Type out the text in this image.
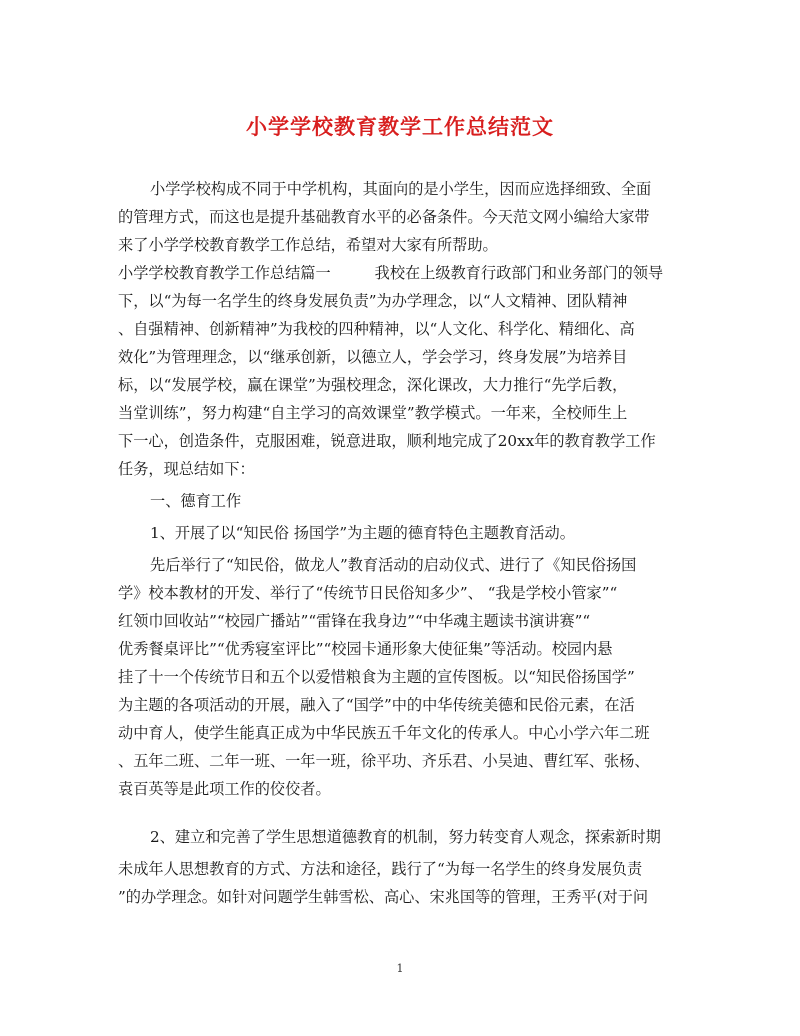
小学学校教育教学工作总结范文
小学学校构成不同于中学机构，其面向的是小学生，因而应选择细致、全面
的管理方式，而这也是提升基础教育水平的必备条件。今天范文网小编给大家带
来了小学学校教育教学工作总结，希望对大家有所帮助。
小学学校教育教学工作总结篇一	我校在上级教育行政部门和业务部门的领导
下，以“为每一名学生的终身发展负责”为办学理念，以“人文精神、团队精神
、自强精神、创新精神”为我校的四种精神，以“人文化、科学化、精细化、高
效化”为管理理念，以“继承创新，以德立人，学会学习，终身发展”为培养目
标，以“发展学校，赢在课堂”为强校理念，深化课改，大力推行“先学后教，
当堂训练”，努力构建“自主学习的高效课堂”教学模式。一年来，全校师生上
下一心，创造条件，克服困难，锐意进取，顺利地完成了20xx年的教育教学工作
任务，现总结如下：
一、德育工作
1、开展了以“知民俗 扬国学”为主题的德育特色主题教育活动。
先后举行了“知民俗，做龙人”教育活动的启动仪式、进行了《知民俗扬国
学》校本教材的开发、举行了“传统节日民俗知多少”、 “我是学校小管家”“
红领巾回收站”“校园广播站”“雷锋在我身边”“中华魂主题读书演讲赛”“
优秀餐桌评比”“优秀寝室评比”“校园卡通形象大使征集”等活动。校园内悬
挂了十一个传统节日和五个以爱惜粮食为主题的宣传图板。以“知民俗扬国学”
为主题的各项活动的开展，融入了“国学”中的中华传统美德和民俗元素，在活
动中育人，使学生能真正成为中华民族五千年文化的传承人。中心小学六年二班
、五年二班、二年一班、一年一班，徐平功、齐乐君、小吴迪、曹红军、张杨、
袁百英等是此项工作的佼佼者。
2、建立和完善了学生思想道德教育的机制，努力转变育人观念，探索新时期
未成年人思想教育的方式、方法和途径，践行了“为每一名学生的终身发展负责
”的办学理念。如针对问题学生韩雪松、高心、宋兆国等的管理，王秀平(对于问
1
